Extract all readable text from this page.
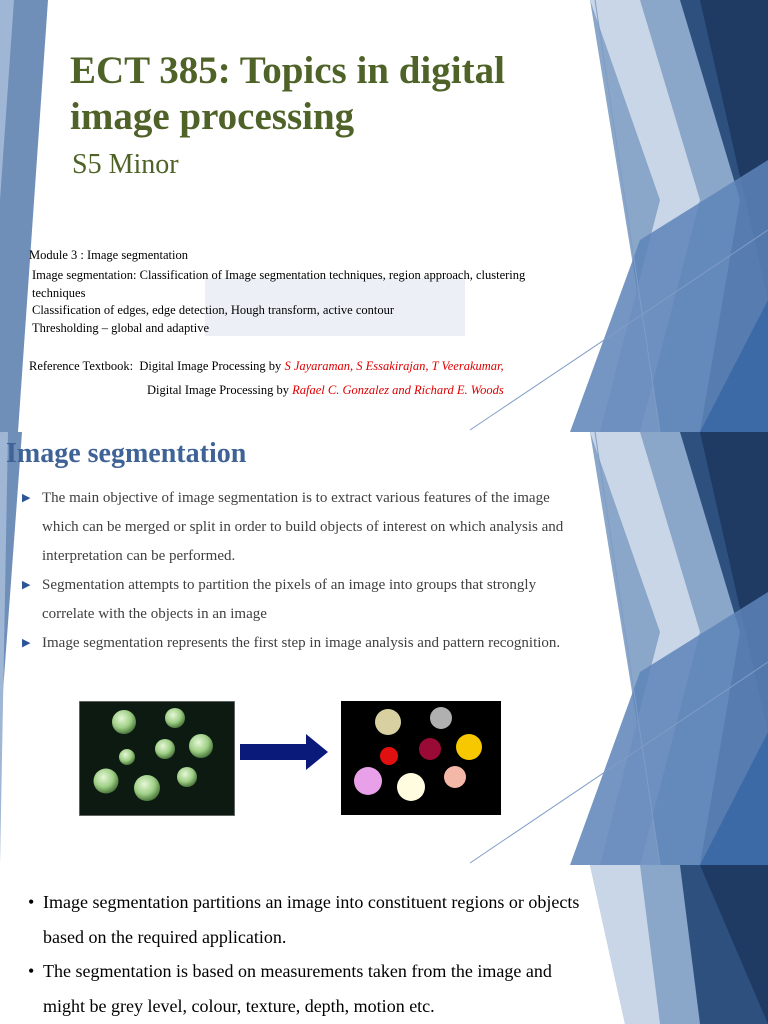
ECT 385: Topics in digital image processing
S5 Minor
Module 3 : Image segmentation
Image segmentation: Classification of Image segmentation techniques, region approach, clustering techniques
Classification of edges, edge detection, Hough transform, active contour
Thresholding – global and adaptive
Reference Textbook: Digital Image Processing by S Jayaraman, S Essakirajan, T Veerakumar,
Digital Image Processing by Rafael C. Gonzalez and Richard E. Woods
Image segmentation
▶ The main objective of image segmentation is to extract various features of the image which can be merged or split in order to build objects of interest on which analysis and interpretation can be performed.
▶ Segmentation attempts to partition the pixels of an image into groups that strongly correlate with the objects in an image
▶ Image segmentation represents the first step in image analysis and pattern recognition.
• Image segmentation partitions an image into constituent regions or objects based on the required application.
• The segmentation is based on measurements taken from the image and might be grey level, colour, texture, depth, motion etc.
